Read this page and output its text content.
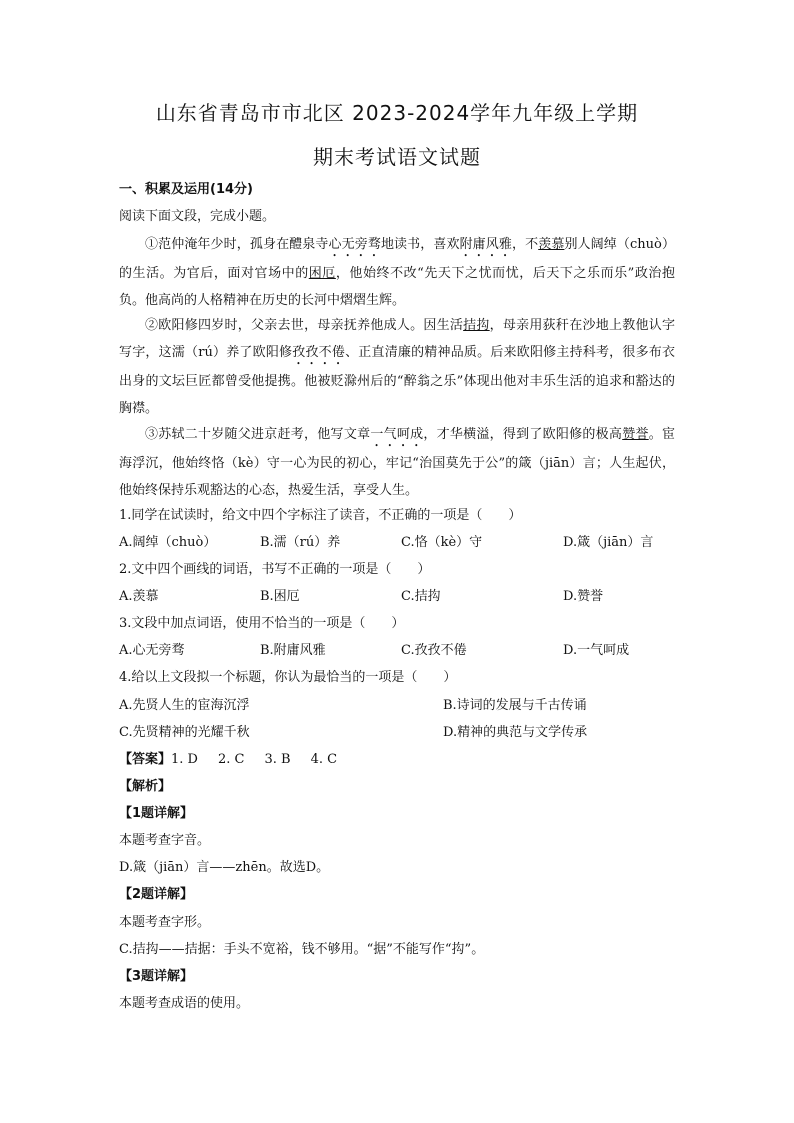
山东省青岛市市北区 2023-2024学年九年级上学期
期末考试语文试题
一、积累及运用(14分)
阅读下面文段，完成小题。
①范仲淹年少时，孤身在醴泉寺心无旁骛地读书，喜欢附庸风雅，不羡慕别人阔绰（chuò）的生活。为官后，面对官场中的困厄，他始终不改“先天下之忧而忧，后天下之乐而乐”政治抱负。他高尚的人格精神在历史的长河中熠熠生辉。
②欧阳修四岁时，父亲去世，母亲抚养他成人。因生活拮抅，母亲用荻秆在沙地上教他认字写字，这濡（rú）养了欧阳修孜孜不倦、正直清廉的精神品质。后来欧阳修主持科考，很多布衣出身的文坛巨匠都曾受他提携。他被贬滁州后的“醉翁之乐”体现出他对丰乐生活的追求和豁达的胸襟。
③苏轼二十岁随父进京赶考，他写文章一气呵成，才华横溢，得到了欧阳修的极高赞誉。宦海浮沉，他始终恪（kè）守一心为民的初心，牢记“治国莫先于公”的箴（jiān）言；人生起伏，他始终保持乐观豁达的心态，热爱生活，享受人生。
1.同学在试读时，给文中四个字标注了读音，不正确的一项是（　　）
A.阔绰（chuò）	B.濡（rú）养	C.恪（kè）守	D.箴（jiān）言
2.文中四个画线的词语，书写不正确的一项是（　　）
A.羡慕	B.困厄	C.拮抅	D.赞誉
3.文段中加点词语，使用不恰当的一项是（　　）
A.心无旁骛	B.附庸风雅	C.孜孜不倦	D.一气呵成
4.给以上文段拟一个标题，你认为最恰当的一项是（　　）
A.先贤人生的宦海沉浮	B.诗词的发展与千古传诵
C.先贤精神的光耀千秋	D.精神的典范与文学传承
【答案】1. D 2. C 3. B 4. C
【解析】
【1题详解】
本题考查字音。
D.箴（jiān）言——zhēn。故选D。
【2题详解】
本题考查字形。
C.拮抅——拮据：手头不宽裕，钱不够用。“据”不能写作“抅”。
【3题详解】
本题考查成语的使用。
